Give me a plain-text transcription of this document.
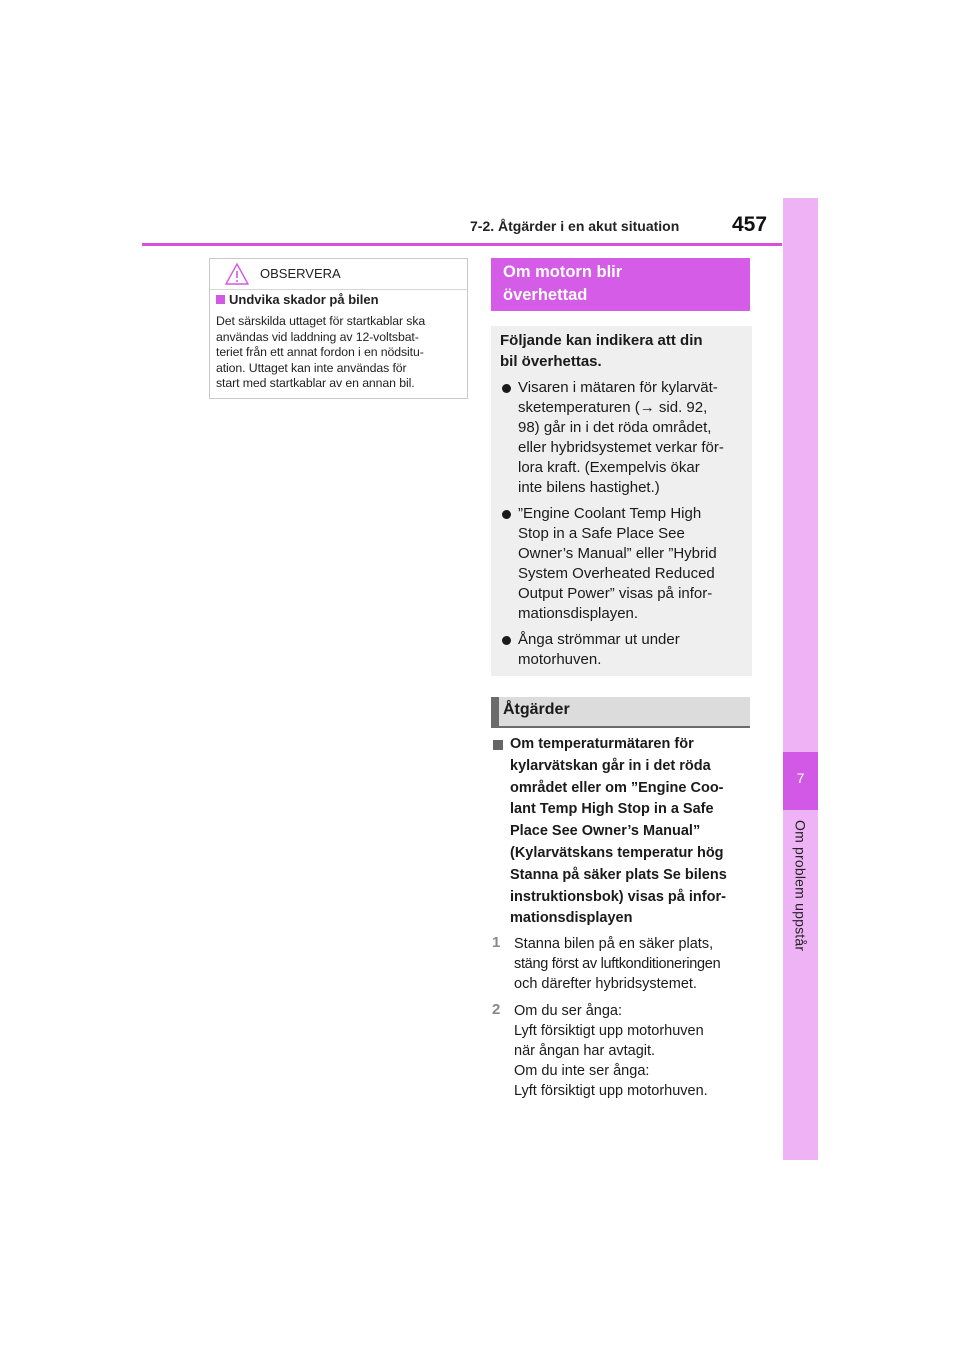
7-2. Åtgärder i en akut situation	457
7
Om problem uppstår
OBSERVERA
Undvika skador på bilen
Det särskilda uttaget för startkablar ska
användas vid laddning av 12-voltsbat-
teriet från ett annat fordon i en nödsitu-
ation. Uttaget kan inte användas för
start med startkablar av en annan bil.
Om motorn blir
överhettad
Följande kan indikera att din
bil överhettas.
Visaren i mätaren för kylarvät-
sketemperaturen (→ sid. 92,
98) går in i det röda området,
eller hybridsystemet verkar för-
lora kraft. (Exempelvis ökar
inte bilens hastighet.)
”Engine Coolant Temp High
Stop in a Safe Place See
Owner’s Manual” eller ”Hybrid
System Overheated Reduced
Output Power” visas på infor-
mationsdisplayen.
Ånga strömmar ut under
motorhuven.
Åtgärder
Om temperaturmätaren för
kylarvätskan går in i det röda
området eller om ”Engine Coo-
lant Temp High Stop in a Safe
Place See Owner’s Manual”
(Kylarvätskans temperatur hög
Stanna på säker plats Se bilens
instruktionsbok) visas på infor-
mationsdisplayen
1 Stanna bilen på en säker plats,
stäng först av luftkonditioneringen
och därefter hybridsystemet.
2 Om du ser ånga:
Lyft försiktigt upp motorhuven
när ångan har avtagit.
Om du inte ser ånga:
Lyft försiktigt upp motorhuven.
